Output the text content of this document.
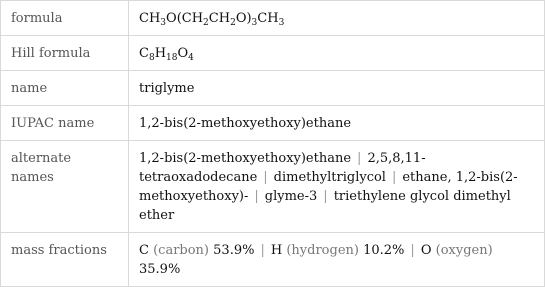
formula	$CH_3O(CH_2CH_2O)_3CH_3$
Hill formula	$C_8H_{18}O_4$
name	triglyme
IUPAC name	1,2-bis(2-methoxyethoxy)ethane
alternate names	1,2-bis(2-methoxyethoxy)ethane | 2,5,8,11-tetraoxadodecane | dimethyltriglycol | ethane, 1,2-bis(2-methoxyethoxy)- | glyme-3 | triethylene glycol dimethyl ether
mass fractions	C (carbon) 53.9% | H (hydrogen) 10.2% | O (oxygen) 35.9%
